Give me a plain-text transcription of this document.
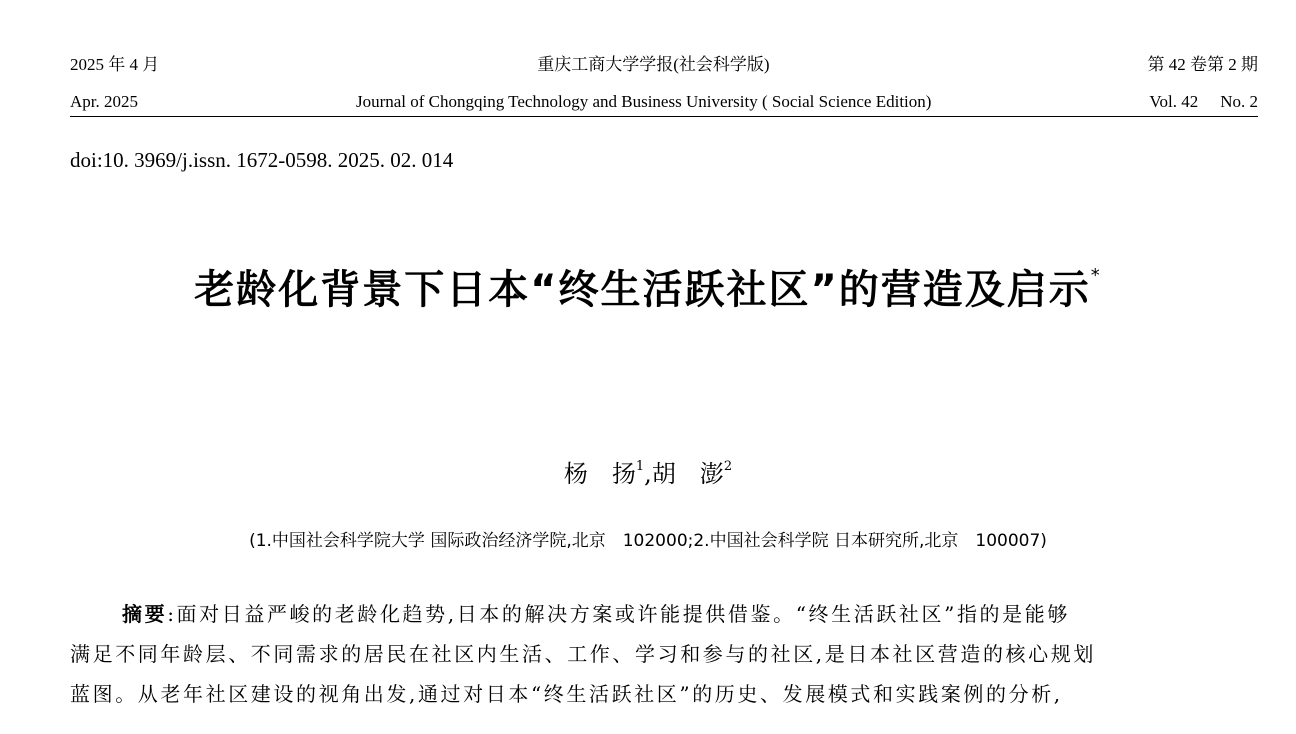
2025 年 4 月	重庆工商大学学报(社会科学版)	第 42 卷第 2 期
Apr. 2025	Journal of Chongqing Technology and Business University ( Social Science Edition)	Vol. 42 No. 2
doi:10. 3969/j.issn. 1672-0598. 2025. 02. 014
老龄化背景下日本“终生活跃社区”的营造及启示*
杨　扬$^1$,胡　澎$^2$
(1.中国社会科学院大学 国际政治经济学院,北京　102000;2.中国社会科学院 日本研究所,北京　100007)
摘要:面对日益严峻的老龄化趋势,日本的解决方案或许能提供借鉴。“终生活跃社区”指的是能够
满足不同年龄层、不同需求的居民在社区内生活、工作、学习和参与的社区,是日本社区营造的核心规划
蓝图。从老年社区建设的视角出发,通过对日本“终生活跃社区”的历史、发展模式和实践案例的分析,
